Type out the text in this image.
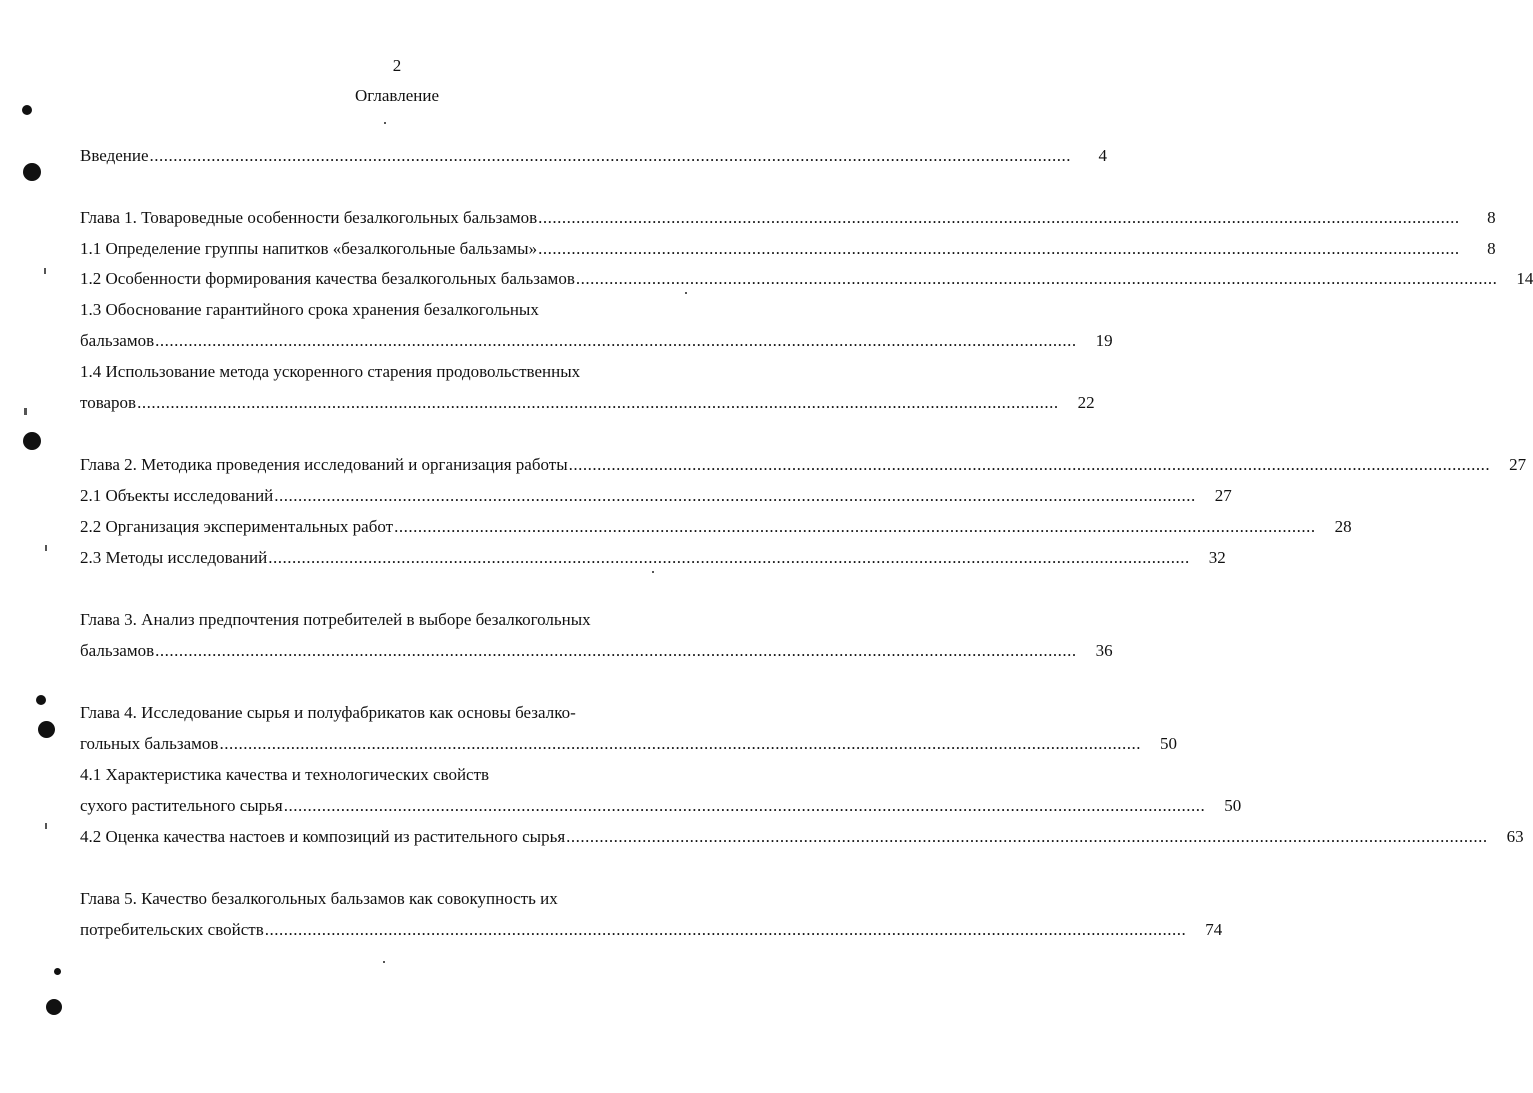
2
Оглавление
Введение ..................................................................................................................................................................................................	4
Глава 1. Товароведные особенности безалкогольных бальзамов ..................................................................................................................................................................................................	8
1.1 Определение группы напитков «безалкогольные бальзамы» ..................................................................................................................................................................................................	8
1.2 Особенности формирования качества безалкогольных бальзамов ..................................................................................................................................................................................................	14
1.3 Обоснование гарантийного срока хранения безалкогольных
бальзамов ..................................................................................................................................................................................................	19
1.4 Использование метода ускоренного старения продовольственных
товаров ..................................................................................................................................................................................................	22
Глава 2. Методика проведения исследований и организация работы ..................................................................................................................................................................................................	27
2.1 Объекты исследований ..................................................................................................................................................................................................	27
2.2 Организация экспериментальных работ ..................................................................................................................................................................................................	28
2.3 Методы исследований ..................................................................................................................................................................................................	32
Глава 3. Анализ предпочтения потребителей в выборе безалкогольных
бальзамов ..................................................................................................................................................................................................	36
Глава 4. Исследование сырья и полуфабрикатов как основы безалко-
гольных бальзамов ..................................................................................................................................................................................................	50
4.1 Характеристика качества и технологических свойств
сухого растительного сырья ..................................................................................................................................................................................................	50
4.2 Оценка качества настоев и композиций из растительного сырья ..................................................................................................................................................................................................	63
Глава 5. Качество безалкогольных бальзамов как совокупность их
потребительских свойств ..................................................................................................................................................................................................	74
